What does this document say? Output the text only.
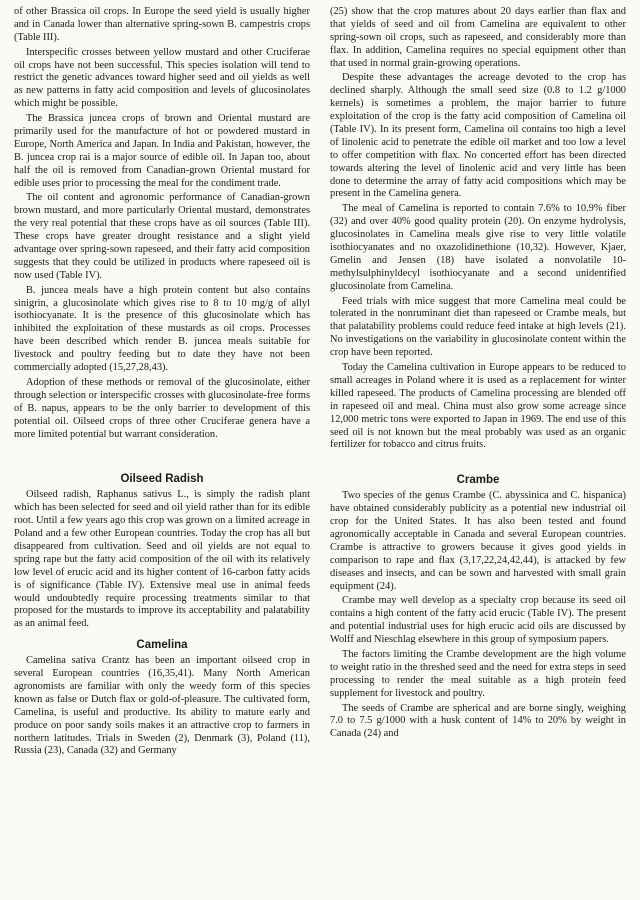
of other Brassica oil crops. In Europe the seed yield is usually higher and in Canada lower than alternative spring-sown B. campestris crops (Table III).

Interspecific crosses between yellow mustard and other Cruciferae oil crops have not been successful. This species isolation will tend to restrict the genetic advances toward higher seed and oil yields as well as new patterns in fatty acid composition and levels of glucosinolates which might be possible.

The Brassica juncea crops of brown and Oriental mustard are primarily used for the manufacture of hot or powdered mustard in Europe, North America and Japan. In India and Pakistan, however, the B. juncea crop rai is a major source of edible oil. In Japan too, about half the oil is removed from Canadian-grown Oriental mustard for edible uses prior to processing the meal for the condiment trade.

The oil content and agronomic performance of Canadian-grown brown mustard, and more particularly Oriental mustard, demonstrates the very real potential that these crops have as oil sources (Table III). These crops have greater drought resistance and a slight yield advantage over spring-sown rapeseed, and their fatty acid composition suggests that they could be utilized in products where rapeseed oil is now used (Table IV).

B. juncea meals have a high protein content but also contains sinigrin, a glucosinolate which gives rise to 8 to 10 mg/g of allyl isothiocyanate. It is the presence of this glucosinolate which has inhibited the exploitation of these mustards as oil crops. Processes have been described which render B. juncea meals suitable for livestock and poultry feeding but to date they have not been commercially adopted (15,27,28,43).

Adoption of these methods or removal of the glucosinolate, either through selection or interspecific crosses with glucosinolate-free forms of B. napus, appears to be the only barrier to development of this potential oil. Oilseed crops of three other Cruciferae genera have a more limited potential but warrant consideration.

Oilseed Radish

Oilseed radish, Raphanus sativus L., is simply the radish plant which has been selected for seed and oil yield rather than for its edible root. Until a few years ago this crop was grown on a limited acreage in Poland and a few other European countries. Today the crop has all but disappeared from cultivation. Seed and oil yields are not equal to spring rape but the fatty acid composition of the oil with its relatively low level of erucic acid and its higher content of 16-carbon fatty acids is of significance (Table IV). Extensive meal use in animal feeds would undoubtedly require processing treatments similar to that proposed for the mustards to improve its acceptability and palatability as an animal feed.

Camelina

Camelina sativa Crantz has been an important oilseed crop in several European countries (16,35,41). Many North American agronomists are familiar with only the weedy form of this species known as false or Dutch flax or gold-of-pleasure. The cultivated form, Camelina, is useful and productive. Its ability to mature early and produce on poor sandy soils makes it an attractive crop to farmers in northern latitudes. Trials in Sweden (2), Denmark (3), Poland (11), Russia (23), Canada (32) and Germany

(25) show that the crop matures about 20 days earlier than flax and that yields of seed and oil from Camelina are equivalent to other spring-sown oil crops, such as rapeseed, and considerably more than flax. In addition, Camelina requires no special equipment other than that used in normal grain-growing operations.

Despite these advantages the acreage devoted to the crop has declined sharply. Although the small seed size (0.8 to 1.2 g/1000 kernels) is sometimes a problem, the major barrier to future exploitation of the crop is the fatty acid composition of Camelina oil (Table IV). In its present form, Camelina oil contains too high a level of linolenic acid to penetrate the edible oil market and too low a level to offer competition with flax. No concerted effort has been directed towards altering the level of linolenic acid and very little has been done to determine the array of fatty acid compositions which may be present in the Camelina genera.

The meal of Camelina is reported to contain 7.6% to 10.9% fiber (32) and over 40% good quality protein (20). On enzyme hydrolysis, glucosinolates in Camelina meals give rise to very little volatile isothiocyanates and no oxazolidinethione (10,32). However, Kjaer, Gmelin and Jensen (18) have isolated a nonvolatile 10-methylsulphinyldecyl isothiocyanate and a second unidentified glucosinolate from Camelina.

Feed trials with mice suggest that more Camelina meal could be tolerated in the nonruminant diet than rapeseed or Crambe meals, but that palatability problems could reduce feed intake at high levels (21). No investigations on the variability in glucosinolate content within the crop have been reported.

Today the Camelina cultivation in Europe appears to be reduced to small acreages in Poland where it is used as a replacement for winter killed rapeseed. The products of Camelina processing are blended off in rapeseed oil and meal. China must also grow some acreage since 12,000 metric tons were exported to Japan in 1969. The end use of this seed oil is not known but the meal probably was used as an organic fertilizer for tobacco and citrus fruits.

Crambe

Two species of the genus Crambe (C. abyssinica and C. hispanica) have obtained considerably publicity as a potential new industrial oil crop for the United States. It has also been tested and found agronomically acceptable in Canada and several European countries. Crambe is attractive to growers because it gives good yields in comparison to rape and flax (3,17,22,24,42,44), is attacked by few diseases and insects, and can be sown and harvested with small grain equipment (24).

Crambe may well develop as a specialty crop because its seed oil contains a high content of the fatty acid erucic (Table IV). The present and potential industrial uses for high erucic acid oils are discussed by Wolff and Nieschlag elsewhere in this group of symposium papers.

The factors limiting the Crambe development are the high volume to weight ratio in the threshed seed and the need for extra steps in seed processing to render the meal suitable as a high protein feed supplement for livestock and poultry.

The seeds of Crambe are spherical and are borne singly, weighing 7.0 to 7.5 g/1000 with a husk content of 14% to 20% by weight in Canada (24) and
